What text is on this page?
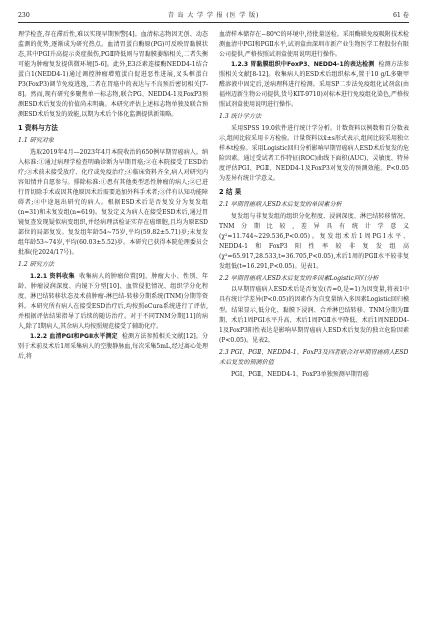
230	青 岛 大 学 学 报 (医 学 版)	61 卷

理学检查,存在滞后性,难以实现早期预警[4]。血清标志物因无创、动态监测的优势,逐渐成为研究热点。血清胃蛋白酶原(PG)可反映胃黏膜状态,其中PGⅠ升高提示炎症损伤,PGⅡ降低则与胃黏膜萎缩相关,二者失衡可能为肿瘤复发提供微环境[5-6]。此外,E3泛素连接酶NEDD4-1结合蛋白1(NEDD4-1)通过调控肿瘤增殖蛋白促进恶性进展,叉头框蛋白P3(FoxP3)调节免疫逃逸,二者在胃癌中的表达与不良预后密切相关[7-8]。然而,现有研究多聚焦单一标志物,联合PG、NEDD4-1及FoxP3预测ESD术后复发的价值尚未明确。本研究评估上述标志物单独及联合预测ESD术后复发的效能,以期为术后个体化监测提供新策略。

1 资料与方法
1.1 研究对象

选取2019年4月—2023年4月本院收治的650例早期胃癌病人。纳入标准:①通过病理学检查明确诊断为早期胃癌;②在本院接受了ESD治疗;③术前未接受放疗、化疗或免疫治疗;④临床资料齐全,病人对研究内容知情并自愿参与。排除标准:①患有其他类型恶性肿瘤的病人;②已进行胃切除手术或因其他原因术后需要追加外科手术者;③伴有认知功能障碍者;④中途退出研究的病人。根据ESD术后是否复发分为复发组(n=31)和未复发组(n=619)。复发定义为病人在接受ESD术后,通过胃镜复查发现疑似病变组织,并经病理活检证实存在癌细胞,且均为原ESD部位的局部复发。复发组年龄54~75岁,平均(59.82±5.71)岁;未复发组年龄53~74岁,平均(60.03±5.52)岁。本研究已获得本院伦理委员会批准(伦2024/17号)。

1.2 研究方法

1.2.1 资料收集 收集病人的肿瘤位置[9]、肿瘤大小、性别、年龄、肿瘤浸润深度、内镜下分型[10]、血管侵犯情况、组织学分化程度、淋巴结转移状态及术前肿瘤-淋巴结-转移分期系统(TNM)分期等资料。本研究所有病人在接受ESD治疗后,均按照eCura系统进行了评估,并根据评估结果指导了后续的随访治疗。对于不同TNM分期[11]的病人,除了Ⅰ期病人,其余病人均按照规范接受了辅助化疗。

1.2.2 血清PGⅠ和PGⅡ水平测定 检测方法参照相关文献[12]。分别于术前及术后1周采集病人的空腹静脉血,每次采集5mL,经过离心处理后,将

血清样本储存在−80℃的环境中,待批量送检。采用酶联免疫吸附技术检测血清中PGⅠ和PGⅡ水平,试剂盒由深圳市新产业生物医学工程股份有限公司提供,严格按照试剂盒使用说明进行操作。

1.2.3 胃黏膜组织中FoxP3、NEDD4-1的表达检测 检测方法参照相关文献[8-12]。收集病人的ESD术后组织标本,置于10 g/L多聚甲醛溶液中固定后,送病理科进行检测。采用SP二步法免疫组化试剂盒(由福州迈新生物公司提供,货号KIT-9710)对标本进行免疫组化染色,严格按照试剂盒使用说明进行操作。

1.3 统计学方法

采用SPSS 19.0软件进行统计学分析。计数资料以例数和百分数表示,组间比较采用卡方检验。计量资料以x̄±s形式表示,组间比较采用独立样本t检验。采用Logistic回归分析影响早期胃癌病人ESD术后复发的危险因素。通过受试者工作特征(ROC)曲线下面积(AUC)、灵敏度、特异度评估PGⅠ、PGⅡ、NEDD4-1及FoxP3对复发的预测效能。P<0.05为差异有统计学意义。

2 结 果
2.1 早期胃癌病人ESD术后复发的单因素分析

复发组与非复发组的组织分化程度、浸润深度、淋巴结转移情况、TNM分期比较,差异具有统计学意义(χ²=11.744~229.536,P<0.05)。复发组术后1周PGⅠ水平、NEDD4-1和FoxP3阳性率较非复发组高(χ²=65.917,28.533,t=36.705,P<0.05),术后1周的PGⅡ水平较非复发组低(t=16.291,P<0.05)。见表1。

2.2 早期胃癌病人ESD术后复发的多因素Logistic回归分析

以早期胃癌病人ESD术后是否复发(否=0,是=1)为因变量,将表1中具有统计学差异(P<0.05)的因素作为自变量纳入多因素Logistic回归模型。结果显示,低分化、黏膜下浸润、合并淋巴结转移、TNM分期为Ⅲ期、术后1周PGⅠ水平升高、术后1周PGⅡ水平降低、术后1周NEDD4-1及FoxP3阳性表达是影响早期胃癌病人ESD术后复发的独立危险因素(P<0.05)。见表2。

2.3 PGⅠ、PGⅡ、NEDD4-1、FoxP3及四者联合对早期胃癌病人ESD术后复发的预测价值

PGⅠ、PGⅡ、NEDD4-1、FoxP3单独预测早期胃癌
